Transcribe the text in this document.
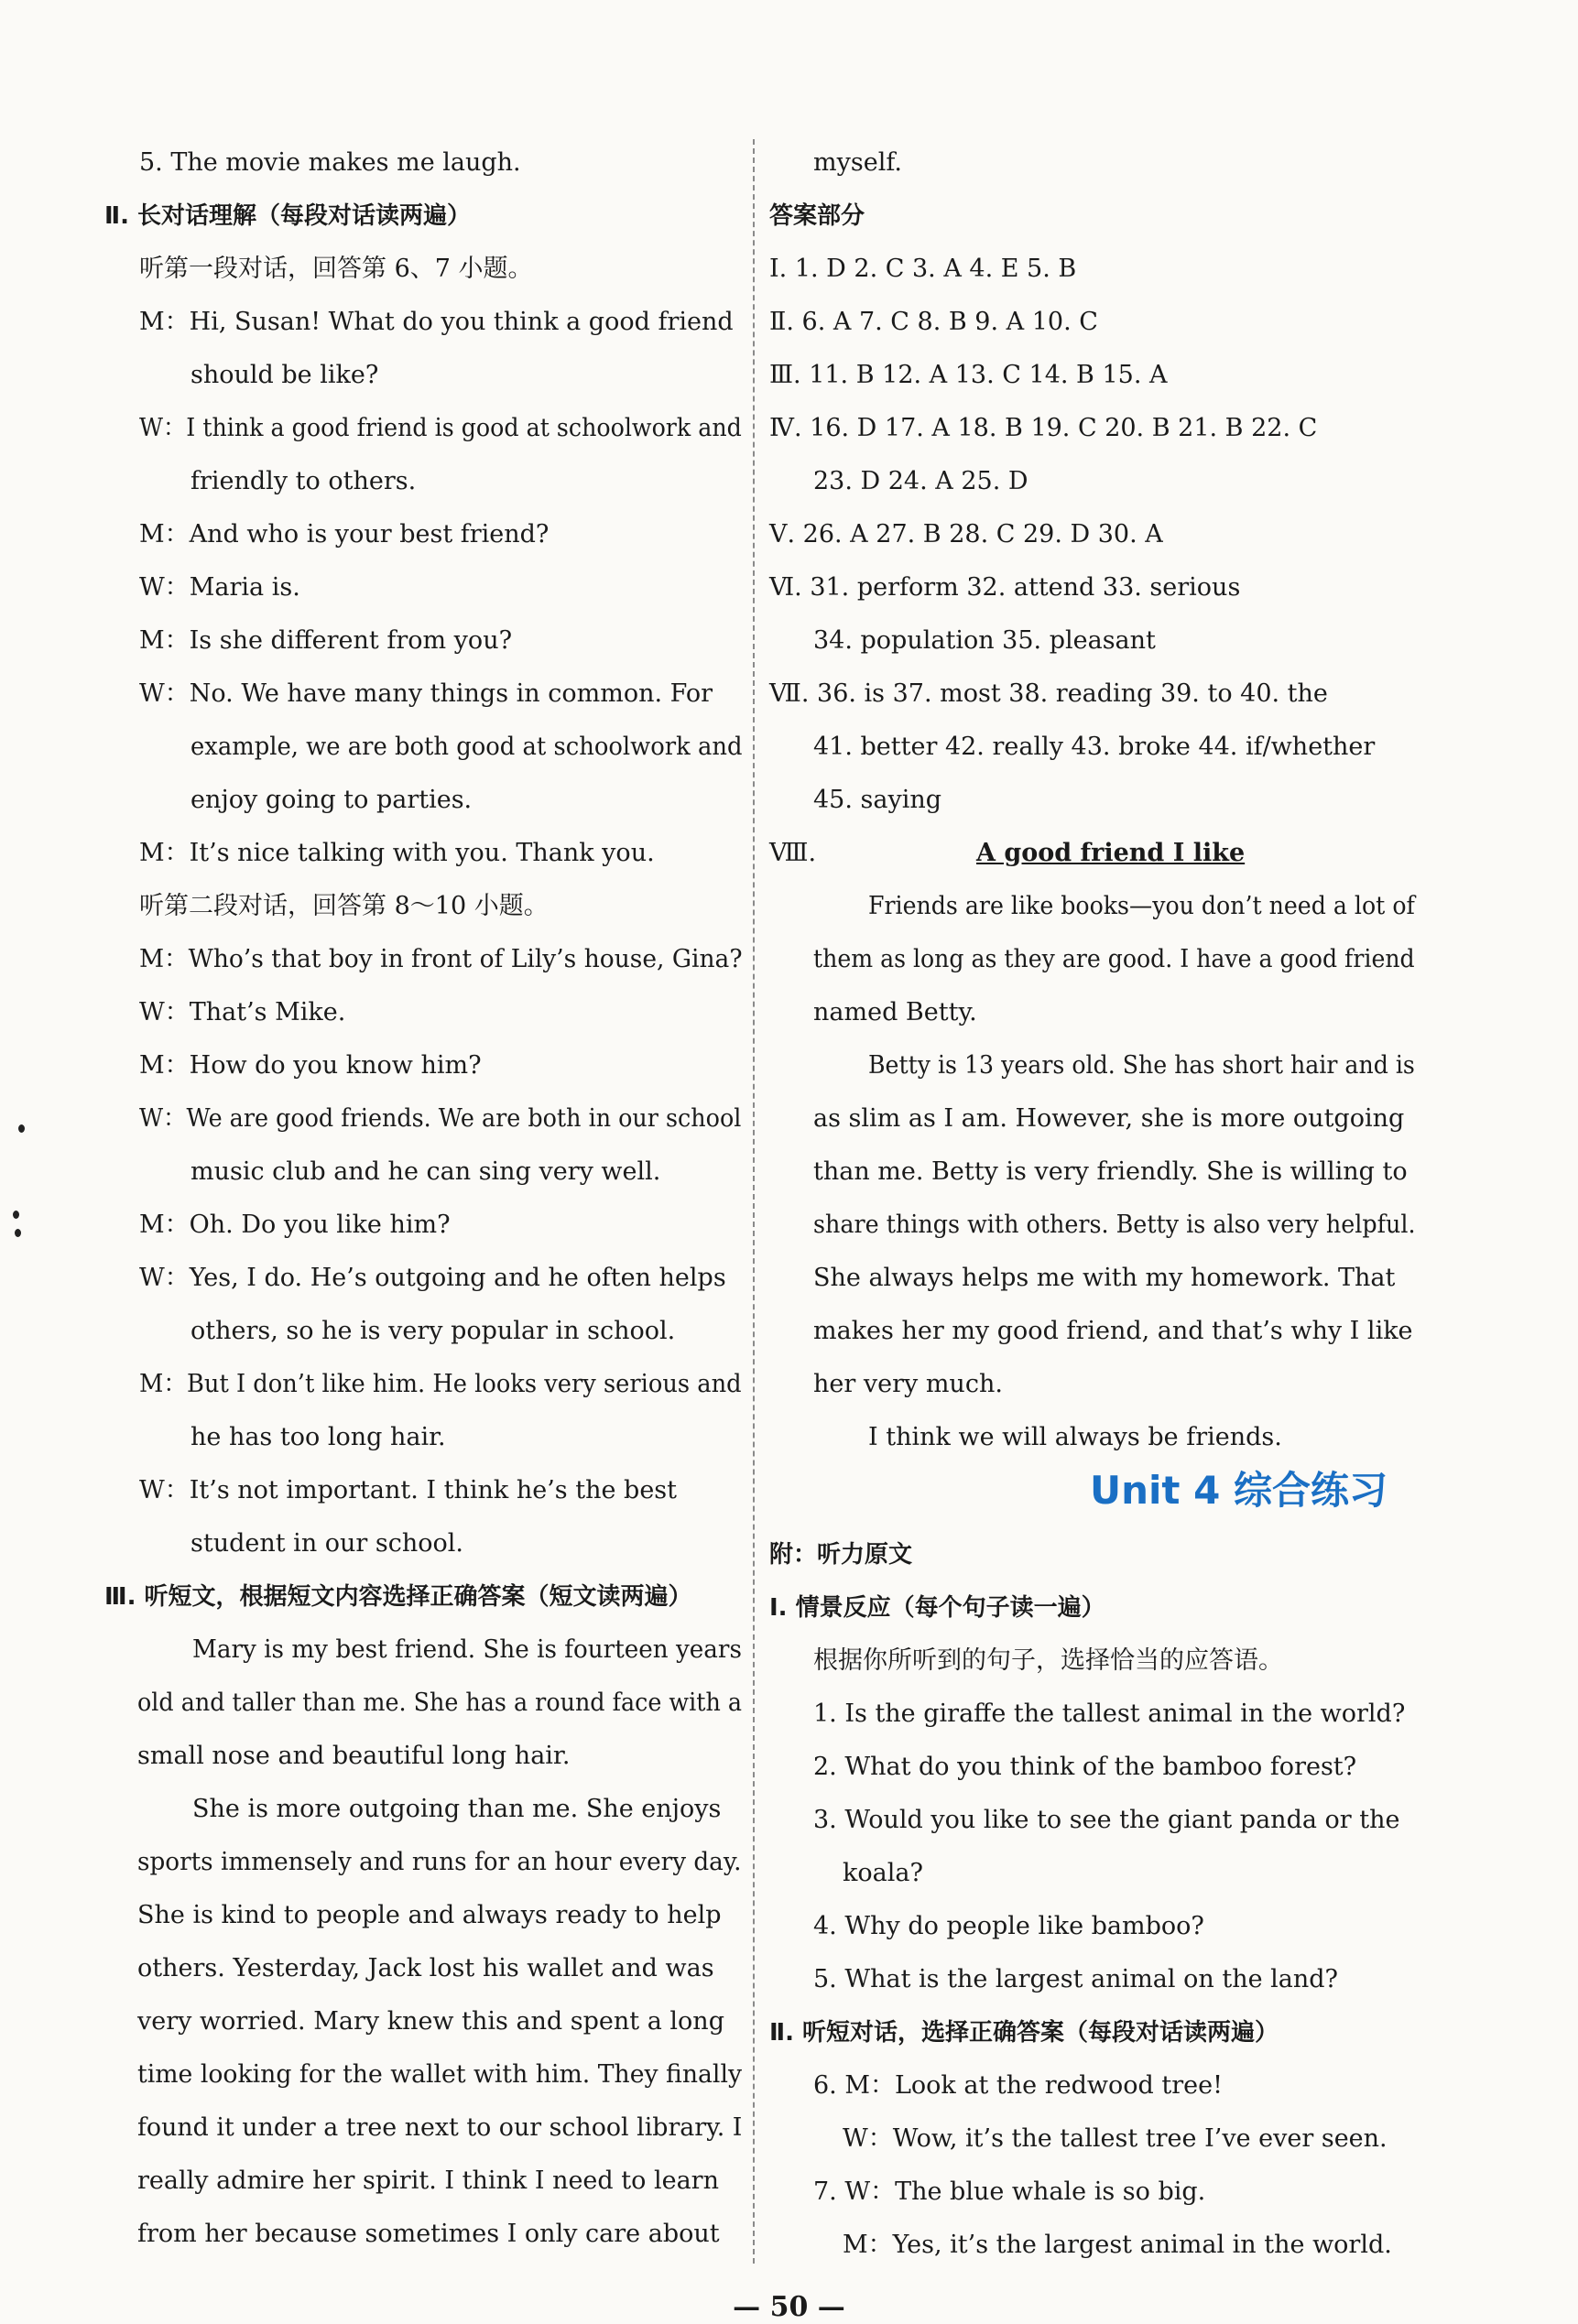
5. The movie makes me laugh.
Ⅱ. 长对话理解（每段对话读两遍）
听第一段对话，回答第 6、7 小题。
M：Hi, Susan! What do you think a good friend
should be like?
W：I think a good friend is good at schoolwork and
friendly to others.
M：And who is your best friend?
W：Maria is.
M：Is she different from you?
W：No. We have many things in common. For
example, we are both good at schoolwork and
enjoy going to parties.
M：It’s nice talking with you. Thank you.
听第二段对话，回答第 8～10 小题。
M：Who’s that boy in front of Lily’s house, Gina?
W：That’s Mike.
M：How do you know him?
W：We are good friends. We are both in our school
music club and he can sing very well.
M：Oh. Do you like him?
W：Yes, I do. He’s outgoing and he often helps
others, so he is very popular in school.
M：But I don’t like him. He looks very serious and
he has too long hair.
W：It’s not important. I think he’s the best
student in our school.
Ⅲ. 听短文，根据短文内容选择正确答案（短文读两遍）
Mary is my best friend. She is fourteen years
old and taller than me. She has a round face with a
small nose and beautiful long hair.
She is more outgoing than me. She enjoys
sports immensely and runs for an hour every day.
She is kind to people and always ready to help
others. Yesterday, Jack lost his wallet and was
very worried. Mary knew this and spent a long
time looking for the wallet with him. They finally
found it under a tree next to our school library. I
really admire her spirit. I think I need to learn
from her because sometimes I only care about
myself.
答案部分
Ⅰ. 1. D 2. C 3. A 4. E 5. B
Ⅱ. 6. A 7. C 8. B 9. A 10. C
Ⅲ. 11. B 12. A 13. C 14. B 15. A
Ⅳ. 16. D 17. A 18. B 19. C 20. B 21. B 22. C
23. D 24. A 25. D
Ⅴ. 26. A 27. B 28. C 29. D 30. A
Ⅵ. 31. perform 32. attend 33. serious
34. population 35. pleasant
Ⅶ. 36. is 37. most 38. reading 39. to 40. the
41. better 42. really 43. broke 44. if/whether
45. saying
Ⅷ.	A good friend I like
Friends are like books—you don’t need a lot of
them as long as they are good. I have a good friend
named Betty.
Betty is 13 years old. She has short hair and is
as slim as I am. However, she is more outgoing
than me. Betty is very friendly. She is willing to
share things with others. Betty is also very helpful.
She always helps me with my homework. That
makes her my good friend, and that’s why I like
her very much.
I think we will always be friends.
附：听力原文
Ⅰ. 情景反应（每个句子读一遍）
根据你所听到的句子，选择恰当的应答语。
1. Is the giraffe the tallest animal in the world?
2. What do you think of the bamboo forest?
3. Would you like to see the giant panda or the
koala?
4. Why do people like bamboo?
5. What is the largest animal on the land?
Ⅱ. 听短对话，选择正确答案（每段对话读两遍）
6. M：Look at the redwood tree!
W：Wow, it’s the tallest tree I’ve ever seen.
7. W：The blue whale is so big.
M：Yes, it’s the largest animal in the world.
Unit 4 综合练习
— 50 —
